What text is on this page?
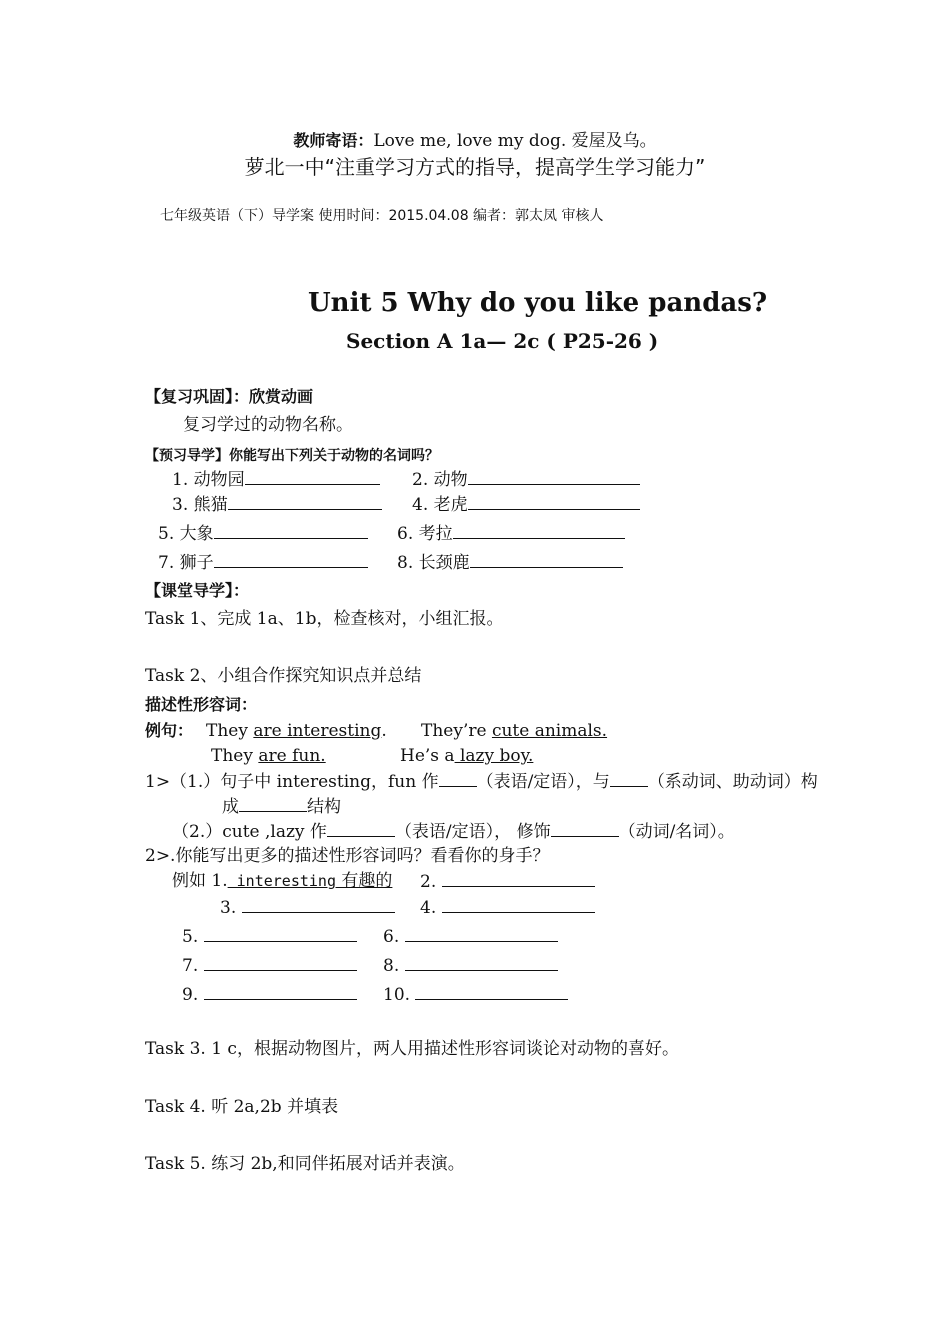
教师寄语：Love me, love my dog. 爱屋及乌。
萝北一中“注重学习方式的指导，提高学生学习能力”
七年级英语（下）导学案 使用时间：2015.04.08 编者：郭太凤 审核人
Unit 5 Why do you like pandas?
Section A 1a— 2c ( P25-26 )
【复习巩固】：欣赏动画
复习学过的动物名称。
【预习导学】你能写出下列关于动物的名词吗？
1. 动物园	2. 动物
3. 熊猫	4. 老虎
5. 大象	6. 考拉
7. 狮子	8. 长颈鹿
【课堂导学】：
Task 1、完成 1a、1b，检查核对，小组汇报。
Task 2、小组合作探究知识点并总结
描述性形容词：
例句： They are interesting. They’re cute animals.
They are fun.	He’s a lazy boy.
1>（1.）句子中 interesting，fun 作 （表语/定语），与 （系动词、助动词）构
成	结构
（2.）cute ,lazy 作	（表语/定语）， 修饰	（动词/名词）。
2>.你能写出更多的描述性形容词吗？看看你的身手？
例如 1. interesting 有趣的 2.
3.	4.
5.	6.
7.	8.
9.	10.
Task 3. 1 c，根据动物图片，两人用描述性形容词谈论对动物的喜好。
Task 4. 听 2a,2b 并填表
Task 5. 练习 2b,和同伴拓展对话并表演。
